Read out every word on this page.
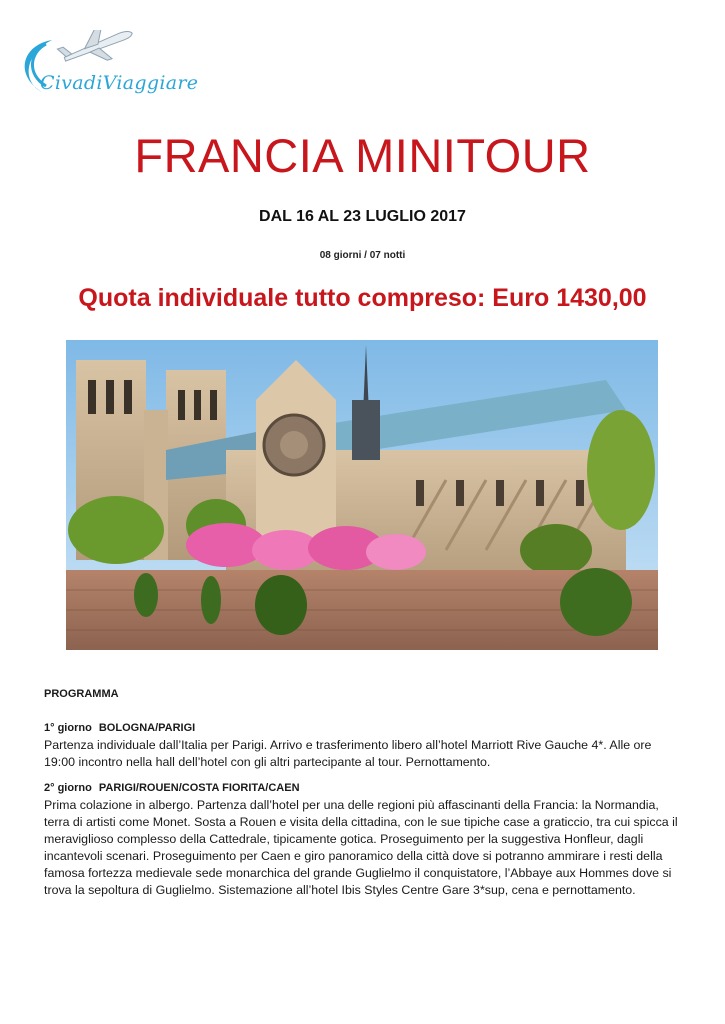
CivadiViaggiare
FRANCIA MINITOUR
DAL 16 AL 23 LUGLIO 2017
08 giorni / 07 notti
Quota individuale tutto compreso: Euro 1430,00

PROGRAMMA

1° giorno BOLOGNA/PARIGI

Partenza individuale dall’Italia per Parigi. Arrivo e trasferimento libero all’hotel Marriott Rive Gauche 4*. Alle ore 19:00 incontro nella hall dell’hotel con gli altri partecipante al tour. Pernottamento.

2° giorno PARIGI/ROUEN/COSTA FIORITA/CAEN

Prima colazione in albergo. Partenza dall’hotel per una delle regioni più affascinanti della Francia: la Normandia, terra di artisti come Monet. Sosta a Rouen e visita della cittadina, con le sue tipiche case a graticcio, tra cui spicca il meraviglioso complesso della Cattedrale, tipicamente gotica. Proseguimento per la suggestiva Honfleur, dagli incantevoli scenari. Proseguimento per Caen e giro panoramico della città dove si potranno ammirare i resti della famosa fortezza medievale sede monarchica del grande Guglielmo il conquistatore, l’Abbaye aux Hommes dove si trova la sepoltura di Guglielmo. Sistemazione all’hotel Ibis Styles Centre Gare 3*sup, cena e pernottamento.
